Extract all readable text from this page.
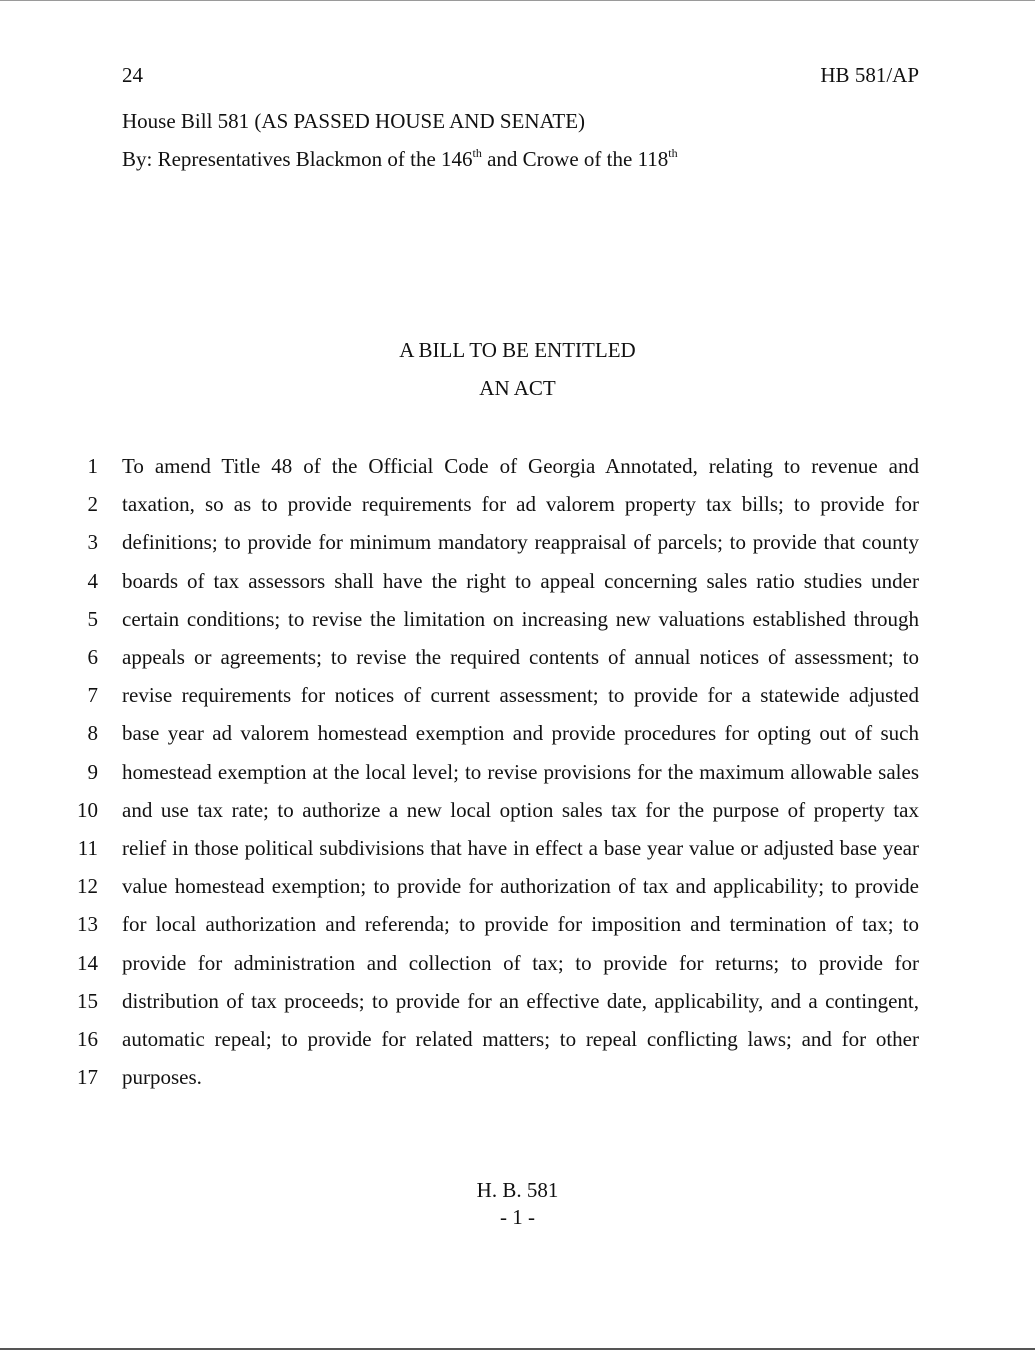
24	HB 581/AP
House Bill 581 (AS PASSED HOUSE AND SENATE)
By: Representatives Blackmon of the 146th and Crowe of the 118th
A BILL TO BE ENTITLED
AN ACT
1 To amend Title 48 of the Official Code of Georgia Annotated, relating to revenue and
2 taxation, so as to provide requirements for ad valorem property tax bills; to provide for
3 definitions; to provide for minimum mandatory reappraisal of parcels; to provide that county
4 boards of tax assessors shall have the right to appeal concerning sales ratio studies under
5 certain conditions; to revise the limitation on increasing new valuations established through
6 appeals or agreements; to revise the required contents of annual notices of assessment; to
7 revise requirements for notices of current assessment; to provide for a statewide adjusted
8 base year ad valorem homestead exemption and provide procedures for opting out of such
9 homestead exemption at the local level; to revise provisions for the maximum allowable sales
10 and use tax rate; to authorize a new local option sales tax for the purpose of property tax
11 relief in those political subdivisions that have in effect a base year value or adjusted base year
12 value homestead exemption; to provide for authorization of tax and applicability; to provide
13 for local authorization and referenda; to provide for imposition and termination of tax; to
14 provide for administration and collection of tax; to provide for returns; to provide for
15 distribution of tax proceeds; to provide for an effective date, applicability, and a contingent,
16 automatic repeal; to provide for related matters; to repeal conflicting laws; and for other
17 purposes.
H. B. 581
- 1 -
